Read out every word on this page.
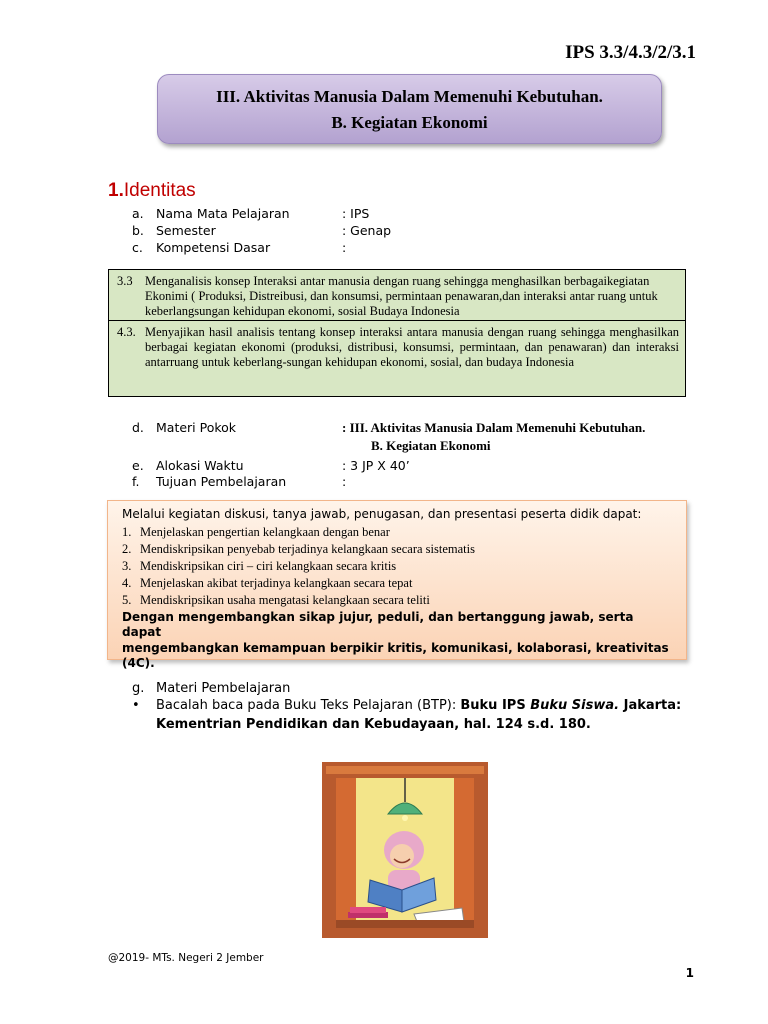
IPS 3.3/4.3/2/3.1
III. Aktivitas Manusia Dalam Memenuhi Kebutuhan.
B. Kegiatan Ekonomi
1.Identitas
a. Nama Mata Pelajaran	: IPS
b. Semester	: Genap
c. Kompetensi Dasar	:
3.3 Menganalisis konsep Interaksi antar manusia dengan ruang sehingga menghasilkan berbagaikegiatan Ekonimi ( Produksi, Distreibusi, dan konsumsi, permintaan penawaran,dan interaksi antar ruang untuk keberlangsungan kehidupan ekonomi, sosial Budaya Indonesia
4.3. Menyajikan hasil analisis tentang konsep interaksi antara manusia dengan ruang sehingga menghasilkan berbagai kegiatan ekonomi (produksi, distribusi, konsumsi, permintaan, dan penawaran) dan interaksi antarruang untuk keberlang-sungan kehidupan ekonomi, sosial, dan budaya Indonesia
d. Materi Pokok	: III. Aktivitas Manusia Dalam Memenuhi Kebutuhan.
B. Kegiatan Ekonomi
e. Alokasi Waktu	: 3 JP X 40’
f. Tujuan Pembelajaran	:
Melalui kegiatan diskusi, tanya jawab, penugasan, dan presentasi peserta didik dapat:
1. Menjelaskan pengertian kelangkaan dengan benar
2. Mendiskripsikan penyebab terjadinya kelangkaan secara sistematis
3. Mendiskripsikan ciri – ciri kelangkaan secara kritis
4. Menjelaskan akibat terjadinya kelangkaan secara tepat
5. Mendiskripsikan usaha mengatasi kelangkaan secara teliti
Dengan mengembangkan sikap jujur, peduli, dan bertanggung jawab, serta dapat
mengembangkan kemampuan berpikir kritis, komunikasi, kolaborasi, kreativitas (4C).
g. Materi Pembelajaran
• Bacalah baca pada Buku Teks Pelajaran (BTP): Buku IPS Buku Siswa. Jakarta:
Kementrian Pendidikan dan Kebudayaan, hal. 124 s.d. 180.
@2019- MTs. Negeri 2 Jember
1
